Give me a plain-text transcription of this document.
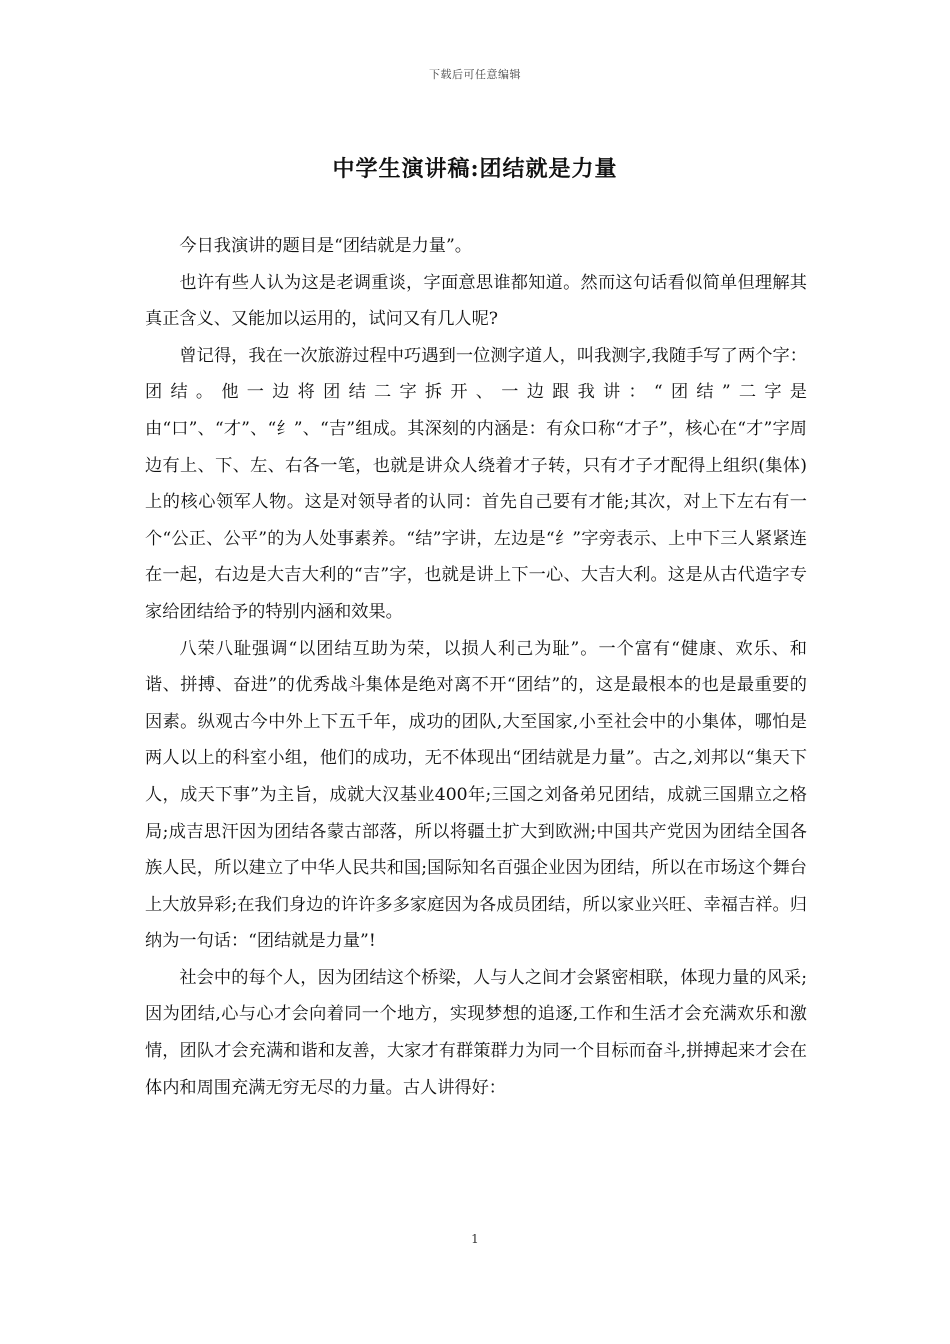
下载后可任意编辑
中学生演讲稿:团结就是力量

今日我演讲的题目是“团结就是力量”。

也许有些人认为这是老调重谈，字面意思谁都知道。然而这句话看似简单但理解其真正含义、又能加以运用的，试问又有几人呢?

曾记得，我在一次旅游过程中巧遇到一位测字道人，叫我测字,我随手写了两个字：团结。他一边将团结二字拆开、一边跟我讲：“团结”二字是由“口”、“才”、“纟”、“吉”组成。其深刻的内涵是：有众口称“才子”，核心在“才”字周边有上、下、左、右各一笔，也就是讲众人绕着才子转，只有才子才配得上组织(集体)上的核心领军人物。这是对领导者的认同：首先自己要有才能;其次，对上下左右有一个“公正、公平”的为人处事素养。“结”字讲，左边是“纟”字旁表示、上中下三人紧紧连在一起，右边是大吉大利的“吉”字，也就是讲上下一心、大吉大利。这是从古代造字专家给团结给予的特别内涵和效果。

八荣八耻强调“以团结互助为荣，以损人利己为耻”。一个富有“健康、欢乐、和谐、拼搏、奋进”的优秀战斗集体是绝对离不开“团结”的，这是最根本的也是最重要的因素。纵观古今中外上下五千年，成功的团队,大至国家,小至社会中的小集体，哪怕是两人以上的科室小组，他们的成功，无不体现出“团结就是力量”。古之,刘邦以“集天下人，成天下事”为主旨，成就大汉基业400年;三国之刘备弟兄团结，成就三国鼎立之格局;成吉思汗因为团结各蒙古部落，所以将疆土扩大到欧洲;中国共产党因为团结全国各族人民，所以建立了中华人民共和国;国际知名百强企业因为团结，所以在市场这个舞台上大放异彩;在我们身边的许许多多家庭因为各成员团结，所以家业兴旺、幸福吉祥。归纳为一句话：“团结就是力量”!

社会中的每个人，因为团结这个桥梁，人与人之间才会紧密相联，体现力量的风采;因为团结,心与心才会向着同一个地方，实现梦想的追逐,工作和生活才会充满欢乐和激情，团队才会充满和谐和友善，大家才有群策群力为同一个目标而奋斗,拼搏起来才会在体内和周围充满无穷无尽的力量。古人讲得好：

1
